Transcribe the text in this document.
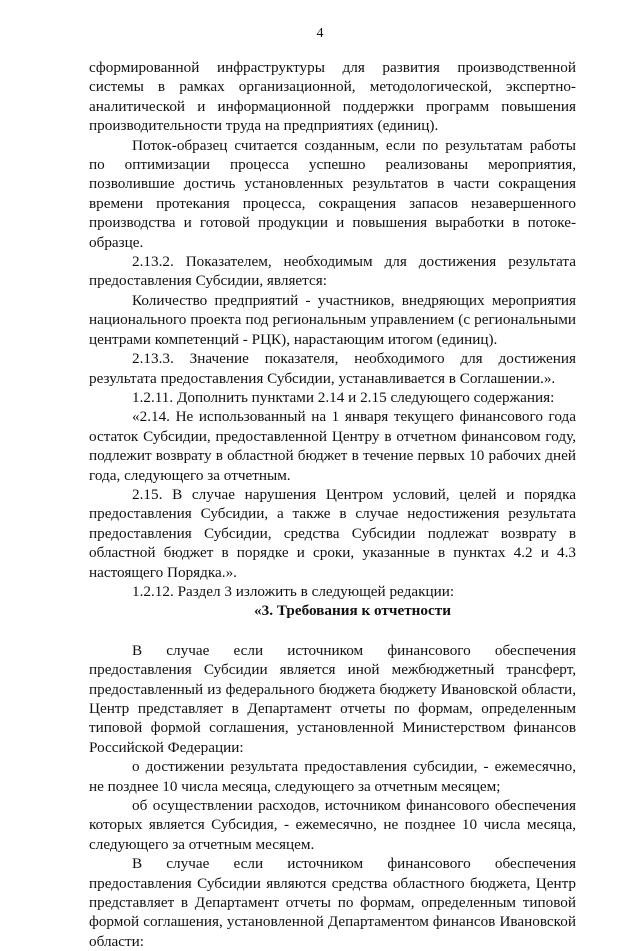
4

сформированной инфраструктуры для развития производственной системы в рамках организационной, методологической, экспертно-аналитической и информационной поддержки программ повышения производительности труда на предприятиях (единиц).

Поток-образец считается созданным, если по результатам работы по оптимизации процесса успешно реализованы мероприятия, позволившие достичь установленных результатов в части сокращения времени протекания процесса, сокращения запасов незавершенного производства и готовой продукции и повышения выработки в потоке-образце.

2.13.2. Показателем, необходимым для достижения результата предоставления Субсидии, является:

Количество предприятий - участников, внедряющих мероприятия национального проекта под региональным управлением (с региональными центрами компетенций - РЦК), нарастающим итогом (единиц).

2.13.3. Значение показателя, необходимого для достижения результата предоставления Субсидии, устанавливается в Соглашении.».

1.2.11. Дополнить пунктами 2.14 и 2.15 следующего содержания:

«2.14. Не использованный на 1 января текущего финансового года остаток Субсидии, предоставленной Центру в отчетном финансовом году, подлежит возврату в областной бюджет в течение первых 10 рабочих дней года, следующего за отчетным.

2.15. В случае нарушения Центром условий, целей и порядка предоставления Субсидии, а также в случае недостижения результата предоставления Субсидии, средства Субсидии подлежат возврату в областной бюджет в порядке и сроки, указанные в пунктах 4.2 и 4.3 настоящего Порядка.».

1.2.12. Раздел 3 изложить в следующей редакции:

«3. Требования к отчетности

В случае если источником финансового обеспечения предоставления Субсидии является иной межбюджетный трансферт, предоставленный из федерального бюджета бюджету Ивановской области, Центр представляет в Департамент отчеты по формам, определенным типовой формой соглашения, установленной Министерством финансов Российской Федерации:

о достижении результата предоставления субсидии, - ежемесячно, не позднее 10 числа месяца, следующего за отчетным месяцем;

об осуществлении расходов, источником финансового обеспечения которых является Субсидия, - ежемесячно, не позднее 10 числа месяца, следующего за отчетным месяцем.

В случае если источником финансового обеспечения предоставления Субсидии являются средства областного бюджета, Центр представляет в Департамент отчеты по формам, определенным типовой формой соглашения, установленной Департаментом финансов Ивановской области:
